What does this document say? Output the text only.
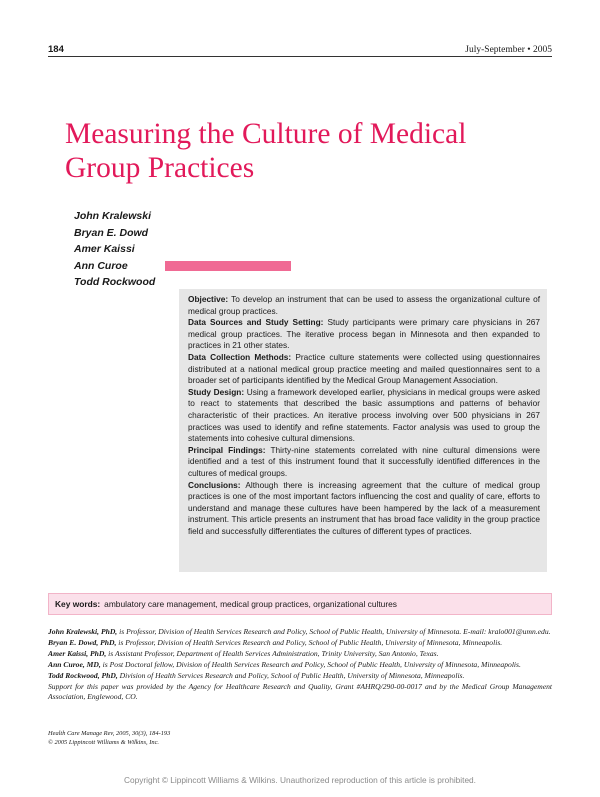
184	July-September • 2005
Measuring the Culture of Medical Group Practices
John Kralewski
Bryan E. Dowd
Amer Kaissi
Ann Curoe
Todd Rockwood

Objective: To develop an instrument that can be used to assess the organizational culture of medical group practices.

Data Sources and Study Setting: Study participants were primary care physicians in 267 medical group practices. The iterative process began in Minnesota and then expanded to practices in 21 other states.

Data Collection Methods: Practice culture statements were collected using questionnaires distributed at a national medical group practice meeting and mailed questionnaires sent to a broader set of participants identified by the Medical Group Management Association.

Study Design: Using a framework developed earlier, physicians in medical groups were asked to react to statements that described the basic assumptions and patterns of behavior characteristic of their practices. An iterative process involving over 500 physicians in 267 practices was used to identify and refine statements. Factor analysis was used to group the statements into cohesive cultural dimensions.

Principal Findings: Thirty-nine statements correlated with nine cultural dimensions were identified and a test of this instrument found that it successfully identified differences in the cultures of medical groups.

Conclusions: Although there is increasing agreement that the culture of medical group practices is one of the most important factors influencing the cost and quality of care, efforts to understand and manage these cultures have been hampered by the lack of a measurement instrument. This article presents an instrument that has broad face validity in the group practice field and successfully differentiates the cultures of different types of practices.

Key words: ambulatory care management, medical group practices, organizational cultures

John Kralewski, PhD, is Professor, Division of Health Services Research and Policy, School of Public Health, University of Minnesota. E-mail: kralo001@umn.edu.

Bryan E. Dowd, PhD, is Professor, Division of Health Services Research and Policy, School of Public Health, University of Minnesota, Minneapolis.

Amer Kaissi, PhD, is Assistant Professor, Department of Health Services Administration, Trinity University, San Antonio, Texas.

Ann Curoe, MD, is Post Doctoral fellow, Division of Health Services Research and Policy, School of Public Health, University of Minnesota, Minneapolis.

Todd Rockwood, PhD, Division of Health Services Research and Policy, School of Public Health, University of Minnesota, Minneapolis.

Support for this paper was provided by the Agency for Healthcare Research and Quality, Grant #AHRQ/290-00-0017 and by the Medical Group Management Association, Englewood, CO.

Health Care Manage Rev, 2005, 30(3), 184-193
© 2005 Lippincott Williams & Wilkins, Inc.
Copyright © Lippincott Williams & Wilkins. Unauthorized reproduction of this article is prohibited.
